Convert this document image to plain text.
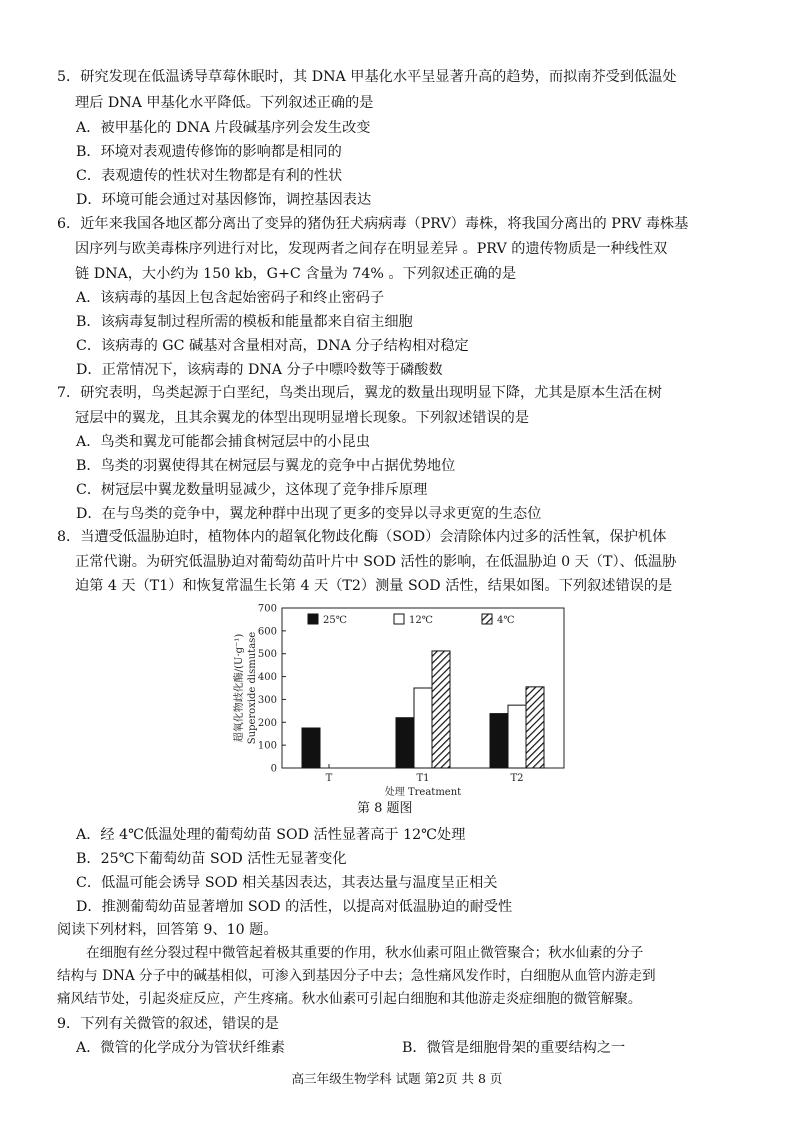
5．研究发现在低温诱导草莓休眠时，其 DNA 甲基化水平呈显著升高的趋势，而拟南芥受到低温处
理后 DNA 甲基化水平降低。下列叙述正确的是
A．被甲基化的 DNA 片段碱基序列会发生改变
B．环境对表观遗传修饰的影响都是相同的
C．表观遗传的性状对生物都是有利的性状
D．环境可能会通过对基因修饰，调控基因表达
6．近年来我国各地区都分离出了变异的猪伪狂犬病病毒（PRV）毒株，将我国分离出的 PRV 毒株基
因序列与欧美毒株序列进行对比，发现两者之间存在明显差异 。PRV 的遗传物质是一种线性双
链 DNA，大小约为 150 kb，G+C 含量为 74% 。下列叙述正确的是
A．该病毒的基因上包含起始密码子和终止密码子
B．该病毒复制过程所需的模板和能量都来自宿主细胞
C．该病毒的 GC 碱基对含量相对高，DNA 分子结构相对稳定
D．正常情况下，该病毒的 DNA 分子中嘌呤数等于磷酸数
7．研究表明，鸟类起源于白垩纪，鸟类出现后，翼龙的数量出现明显下降，尤其是原本生活在树
冠层中的翼龙，且其余翼龙的体型出现明显增长现象。下列叙述错误的是
A．鸟类和翼龙可能都会捕食树冠层中的小昆虫
B．鸟类的羽翼使得其在树冠层与翼龙的竞争中占据优势地位
C．树冠层中翼龙数量明显减少，这体现了竞争排斥原理
D．在与鸟类的竞争中，翼龙种群中出现了更多的变异以寻求更宽的生态位
8．当遭受低温胁迫时，植物体内的超氧化物歧化酶（SOD）会清除体内过多的活性氧，保护机体
正常代谢。为研究低温胁迫对葡萄幼苗叶片中 SOD 活性的影响，在低温胁迫 0 天（T）、低温胁
迫第 4 天（T1）和恢复常温生长第 4 天（T2）测量 SOD 活性，结果如图。下列叙述错误的是
0
100
200
300
400
500
600
700
T	T1	T2
25℃	12℃	4℃
处理 Treatment
超氧化物歧化酶/(U·g⁻¹) Superoxide dismutase
第 8 题图
A．经 4℃低温处理的葡萄幼苗 SOD 活性显著高于 12℃处理
B．25℃下葡萄幼苗 SOD 活性无显著变化
C．低温可能会诱导 SOD 相关基因表达，其表达量与温度呈正相关
D．推测葡萄幼苗显著增加 SOD 的活性，以提高对低温胁迫的耐受性
阅读下列材料，回答第 9、10 题。
在细胞有丝分裂过程中微管起着极其重要的作用，秋水仙素可阻止微管聚合；秋水仙素的分子
结构与 DNA 分子中的碱基相似，可渗入到基因分子中去；急性痛风发作时，白细胞从血管内游走到
痛风结节处，引起炎症反应，产生疼痛。秋水仙素可引起白细胞和其他游走炎症细胞的微管解聚。
9．下列有关微管的叙述，错误的是
A．微管的化学成分为管状纤维素	B．微管是细胞骨架的重要结构之一
高三年级生物学科 试题 第2页 共 8 页
